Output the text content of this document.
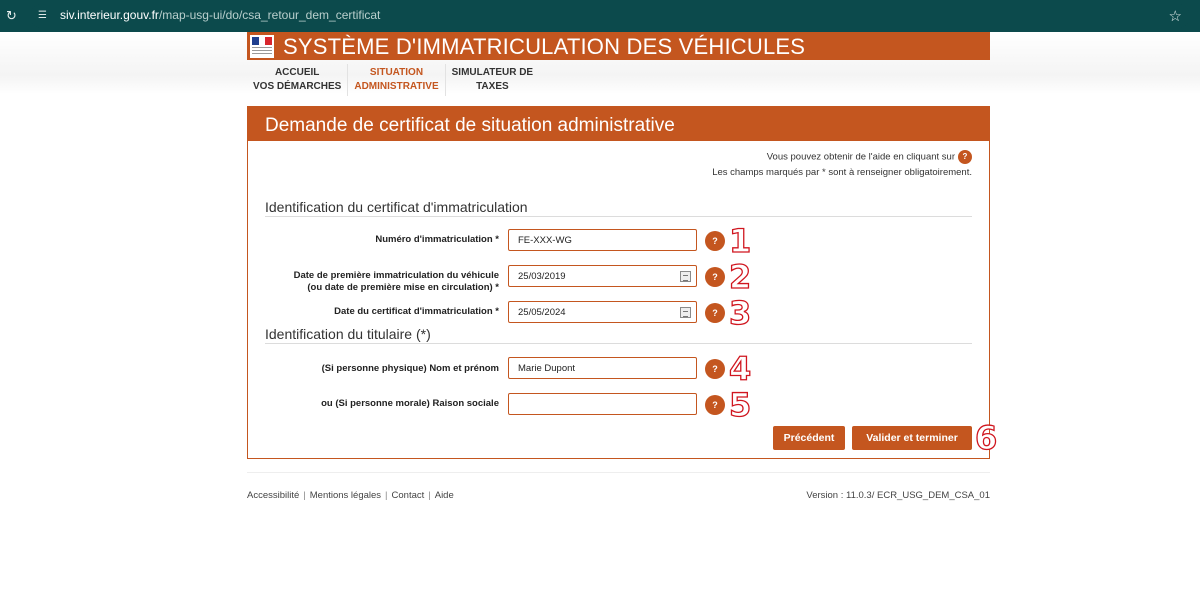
↻	☰	siv.interieur.gouv.fr/map-usg-ui/do/csa_retour_dem_certificat	☆
SYSTÈME D'IMMATRICULATION DES VÉHICULES
ACCUEIL
VOS DÉMARCHES
SITUATION
ADMINISTRATIVE
SIMULATEUR DE
TAXES
Demande de certificat de situation administrative
Vous pouvez obtenir de l'aide en cliquant sur ?
Les champs marqués par * sont à renseigner obligatoirement.
Identification du certificat d'immatriculation
Numéro d'immatriculation *	FE-XXX-WG	? 1
Date de première immatriculation du véhicule
(ou date de première mise en circulation) *
25/03/2019	? 2
Date du certificat d'immatriculation *	25/05/2024	? 3
Identification du titulaire (*)
(Si personne physique) Nom et prénom	Marie Dupont	? 4
ou (Si personne morale) Raison sociale	? 5
Précédent	Valider et terminer 6
Accessibilité | Mentions légales | Contact | Aide	Version : 11.0.3/ ECR_USG_DEM_CSA_01
